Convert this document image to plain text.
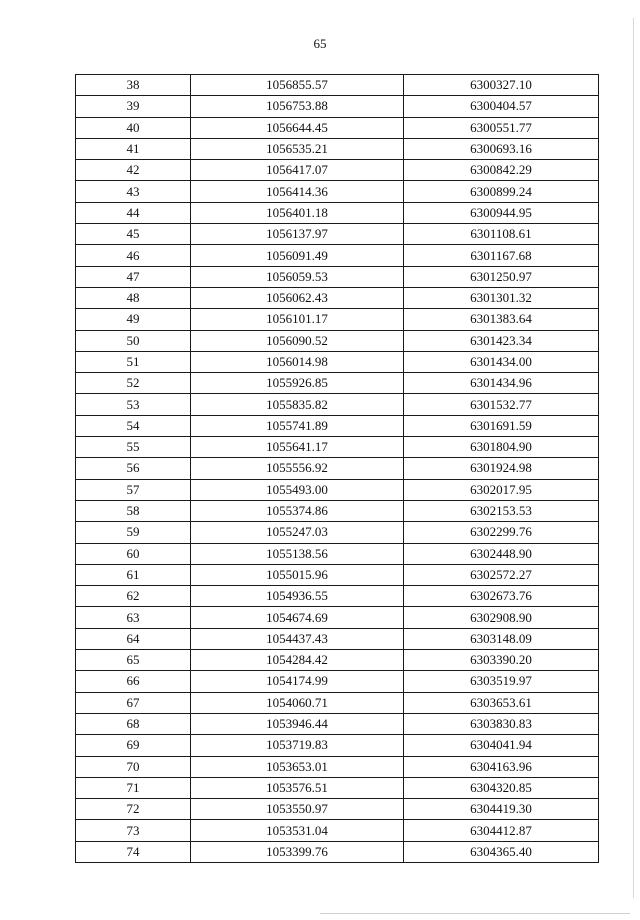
65
38	1056855.57	6300327.10
39	1056753.88	6300404.57
40	1056644.45	6300551.77
41	1056535.21	6300693.16
42	1056417.07	6300842.29
43	1056414.36	6300899.24
44	1056401.18	6300944.95
45	1056137.97	6301108.61
46	1056091.49	6301167.68
47	1056059.53	6301250.97
48	1056062.43	6301301.32
49	1056101.17	6301383.64
50	1056090.52	6301423.34
51	1056014.98	6301434.00
52	1055926.85	6301434.96
53	1055835.82	6301532.77
54	1055741.89	6301691.59
55	1055641.17	6301804.90
56	1055556.92	6301924.98
57	1055493.00	6302017.95
58	1055374.86	6302153.53
59	1055247.03	6302299.76
60	1055138.56	6302448.90
61	1055015.96	6302572.27
62	1054936.55	6302673.76
63	1054674.69	6302908.90
64	1054437.43	6303148.09
65	1054284.42	6303390.20
66	1054174.99	6303519.97
67	1054060.71	6303653.61
68	1053946.44	6303830.83
69	1053719.83	6304041.94
70	1053653.01	6304163.96
71	1053576.51	6304320.85
72	1053550.97	6304419.30
73	1053531.04	6304412.87
74	1053399.76	6304365.40
